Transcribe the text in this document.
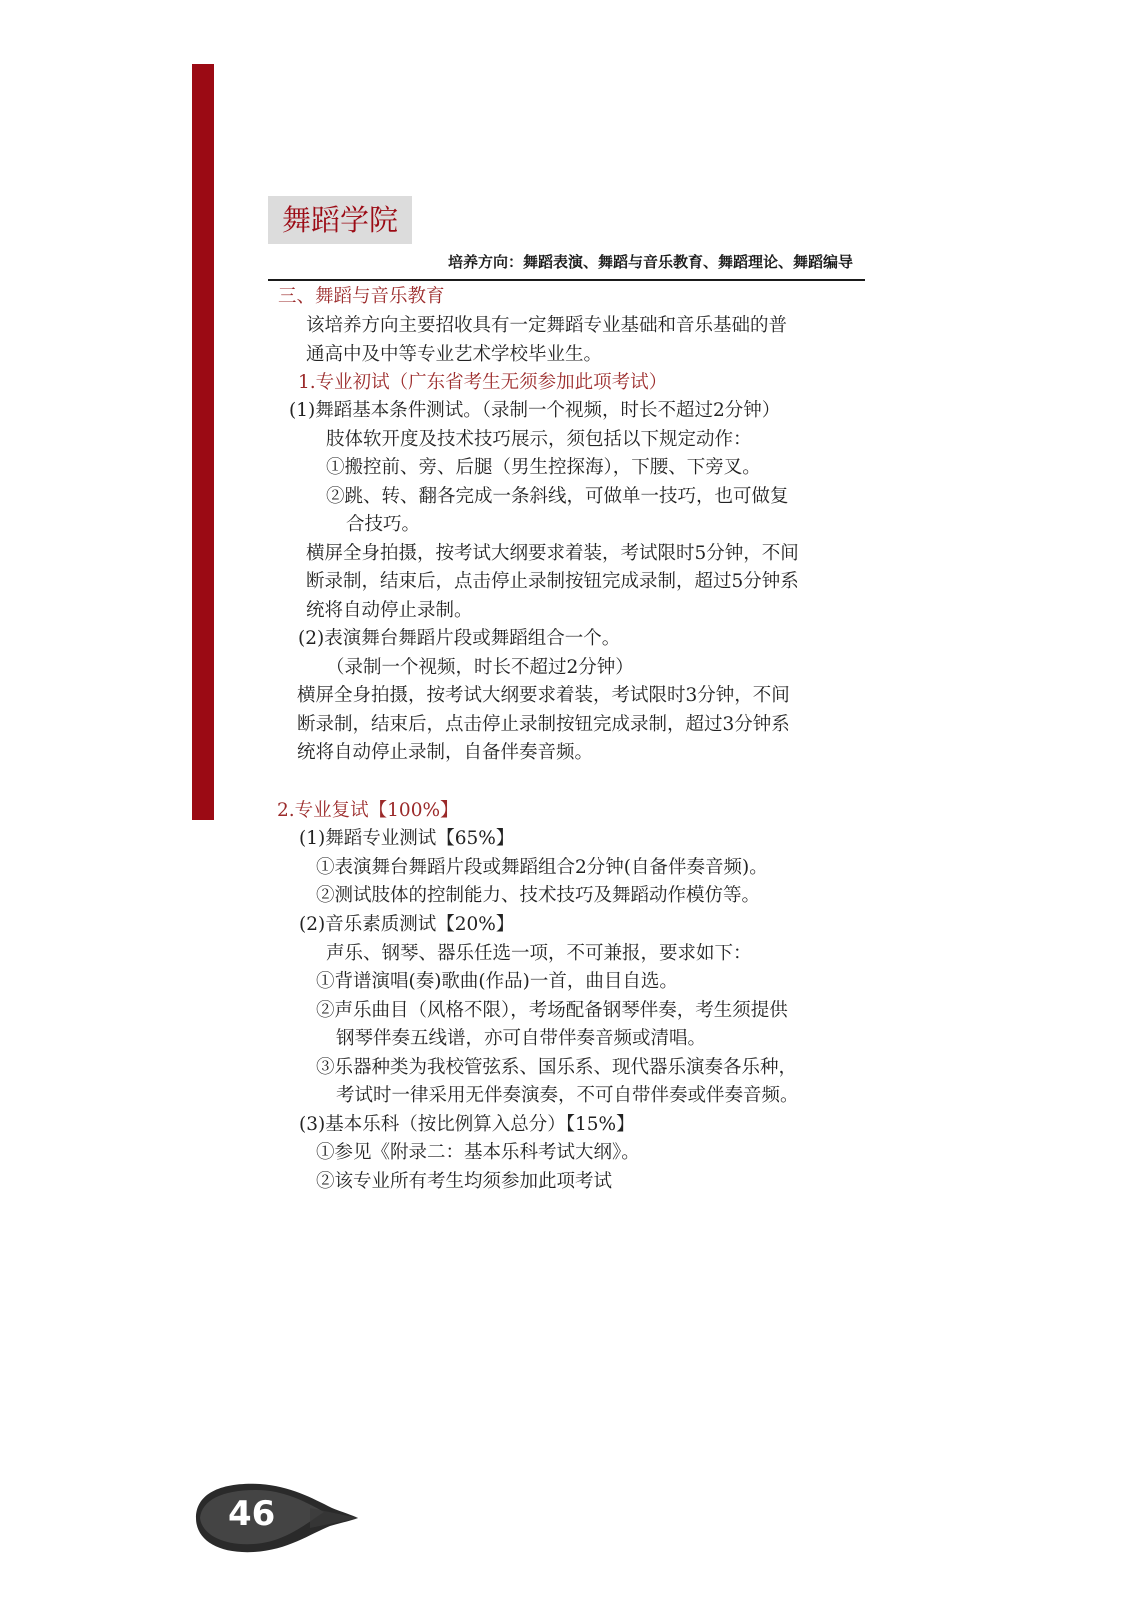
舞蹈学院
培养方向：舞蹈表演、舞蹈与音乐教育、舞蹈理论、舞蹈编导
三、舞蹈与音乐教育
该培养方向主要招收具有一定舞蹈专业基础和音乐基础的普
通高中及中等专业艺术学校毕业生。
1.专业初试（广东省考生无须参加此项考试）
(1)舞蹈基本条件测试。（录制一个视频，时长不超过2分钟）
肢体软开度及技术技巧展示，须包括以下规定动作：
①搬控前、旁、后腿（男生控探海），下腰、下旁叉。
②跳、转、翻各完成一条斜线，可做单一技巧，也可做复
合技巧。
横屏全身拍摄，按考试大纲要求着装，考试限时5分钟，不间
断录制，结束后，点击停止录制按钮完成录制，超过5分钟系
统将自动停止录制。
(2)表演舞台舞蹈片段或舞蹈组合一个。
（录制一个视频，时长不超过2分钟）
横屏全身拍摄，按考试大纲要求着装，考试限时3分钟，不间
断录制，结束后，点击停止录制按钮完成录制，超过3分钟系
统将自动停止录制，自备伴奏音频。
2.专业复试【100%】
(1)舞蹈专业测试【65%】
①表演舞台舞蹈片段或舞蹈组合2分钟(自备伴奏音频)。
②测试肢体的控制能力、技术技巧及舞蹈动作模仿等。
(2)音乐素质测试【20%】
声乐、钢琴、器乐任选一项，不可兼报，要求如下：
①背谱演唱(奏)歌曲(作品)一首，曲目自选。
②声乐曲目（风格不限），考场配备钢琴伴奏，考生须提供
钢琴伴奏五线谱，亦可自带伴奏音频或清唱。
③乐器种类为我校管弦系、国乐系、现代器乐演奏各乐种，
考试时一律采用无伴奏演奏，不可自带伴奏或伴奏音频。
(3)基本乐科（按比例算入总分）【15%】
①参见《附录二：基本乐科考试大纲》。
②该专业所有考生均须参加此项考试
46
